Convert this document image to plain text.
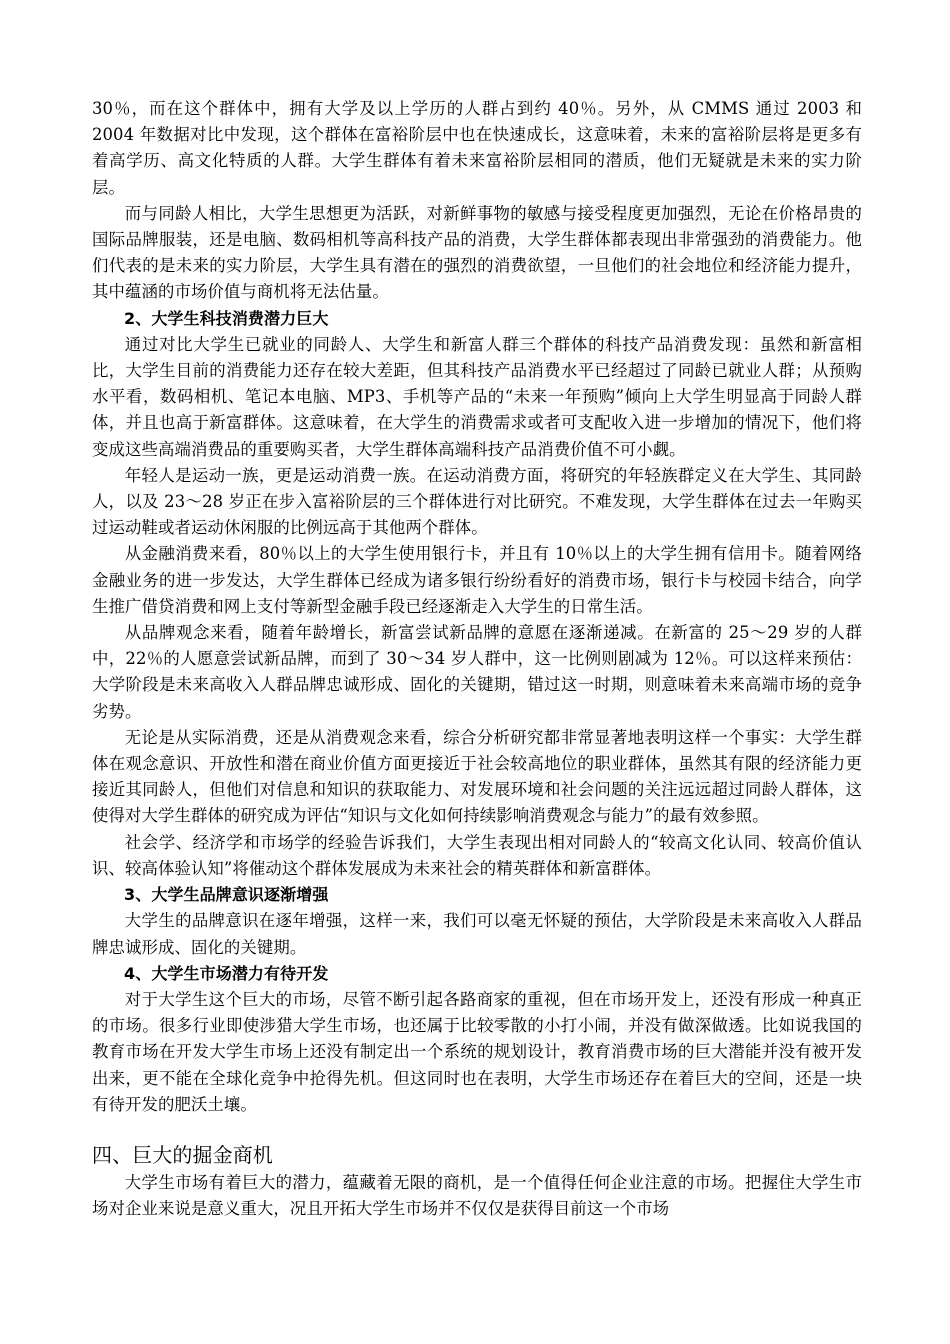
30％，而在这个群体中，拥有大学及以上学历的人群占到约 40％。另外，从 CMMS 通过 2003 和 2004 年数据对比中发现，这个群体在富裕阶层中也在快速成长，这意味着，未来的富裕阶层将是更多有着高学历、高文化特质的人群。大学生群体有着未来富裕阶层相同的潜质，他们无疑就是未来的实力阶层。

而与同龄人相比，大学生思想更为活跃，对新鲜事物的敏感与接受程度更加强烈，无论在价格昂贵的国际品牌服装，还是电脑、数码相机等高科技产品的消费，大学生群体都表现出非常强劲的消费能力。他们代表的是未来的实力阶层，大学生具有潜在的强烈的消费欲望，一旦他们的社会地位和经济能力提升，其中蕴涵的市场价值与商机将无法估量。

2、大学生科技消费潜力巨大

通过对比大学生已就业的同龄人、大学生和新富人群三个群体的科技产品消费发现：虽然和新富相比，大学生目前的消费能力还存在较大差距，但其科技产品消费水平已经超过了同龄已就业人群；从预购水平看，数码相机、笔记本电脑、MP3、手机等产品的“未来一年预购”倾向上大学生明显高于同龄人群体，并且也高于新富群体。这意味着，在大学生的消费需求或者可支配收入进一步增加的情况下，他们将变成这些高端消费品的重要购买者，大学生群体高端科技产品消费价值不可小觑。

年轻人是运动一族，更是运动消费一族。在运动消费方面，将研究的年轻族群定义在大学生、其同龄人，以及 23～28 岁正在步入富裕阶层的三个群体进行对比研究。不难发现，大学生群体在过去一年购买过运动鞋或者运动休闲服的比例远高于其他两个群体。

从金融消费来看，80％以上的大学生使用银行卡，并且有 10％以上的大学生拥有信用卡。随着网络金融业务的进一步发达，大学生群体已经成为诸多银行纷纷看好的消费市场，银行卡与校园卡结合，向学生推广借贷消费和网上支付等新型金融手段已经逐渐走入大学生的日常生活。

从品牌观念来看，随着年龄增长，新富尝试新品牌的意愿在逐渐递减。在新富的 25～29 岁的人群中，22％的人愿意尝试新品牌，而到了 30～34 岁人群中，这一比例则剧减为 12％。可以这样来预估：大学阶段是未来高收入人群品牌忠诚形成、固化的关键期，错过这一时期，则意味着未来高端市场的竞争劣势。

无论是从实际消费，还是从消费观念来看，综合分析研究都非常显著地表明这样一个事实：大学生群体在观念意识、开放性和潜在商业价值方面更接近于社会较高地位的职业群体，虽然其有限的经济能力更接近其同龄人，但他们对信息和知识的获取能力、对发展环境和社会问题的关注远远超过同龄人群体，这使得对大学生群体的研究成为评估“知识与文化如何持续影响消费观念与能力”的最有效参照。

社会学、经济学和市场学的经验告诉我们，大学生表现出相对同龄人的“较高文化认同、较高价值认识、较高体验认知”将催动这个群体发展成为未来社会的精英群体和新富群体。

3、大学生品牌意识逐渐增强

大学生的品牌意识在逐年增强，这样一来，我们可以毫无怀疑的预估，大学阶段是未来高收入人群品牌忠诚形成、固化的关键期。

4、大学生市场潜力有待开发

对于大学生这个巨大的市场，尽管不断引起各路商家的重视，但在市场开发上，还没有形成一种真正的市场。很多行业即使涉猎大学生市场，也还属于比较零散的小打小闹，并没有做深做透。比如说我国的教育市场在开发大学生市场上还没有制定出一个系统的规划设计，教育消费市场的巨大潜能并没有被开发出来，更不能在全球化竞争中抢得先机。但这同时也在表明，大学生市场还存在着巨大的空间，还是一块有待开发的肥沃土壤。

四、巨大的掘金商机

大学生市场有着巨大的潜力，蕴藏着无限的商机，是一个值得任何企业注意的市场。把握住大学生市场对企业来说是意义重大，况且开拓大学生市场并不仅仅是获得目前这一个市场
